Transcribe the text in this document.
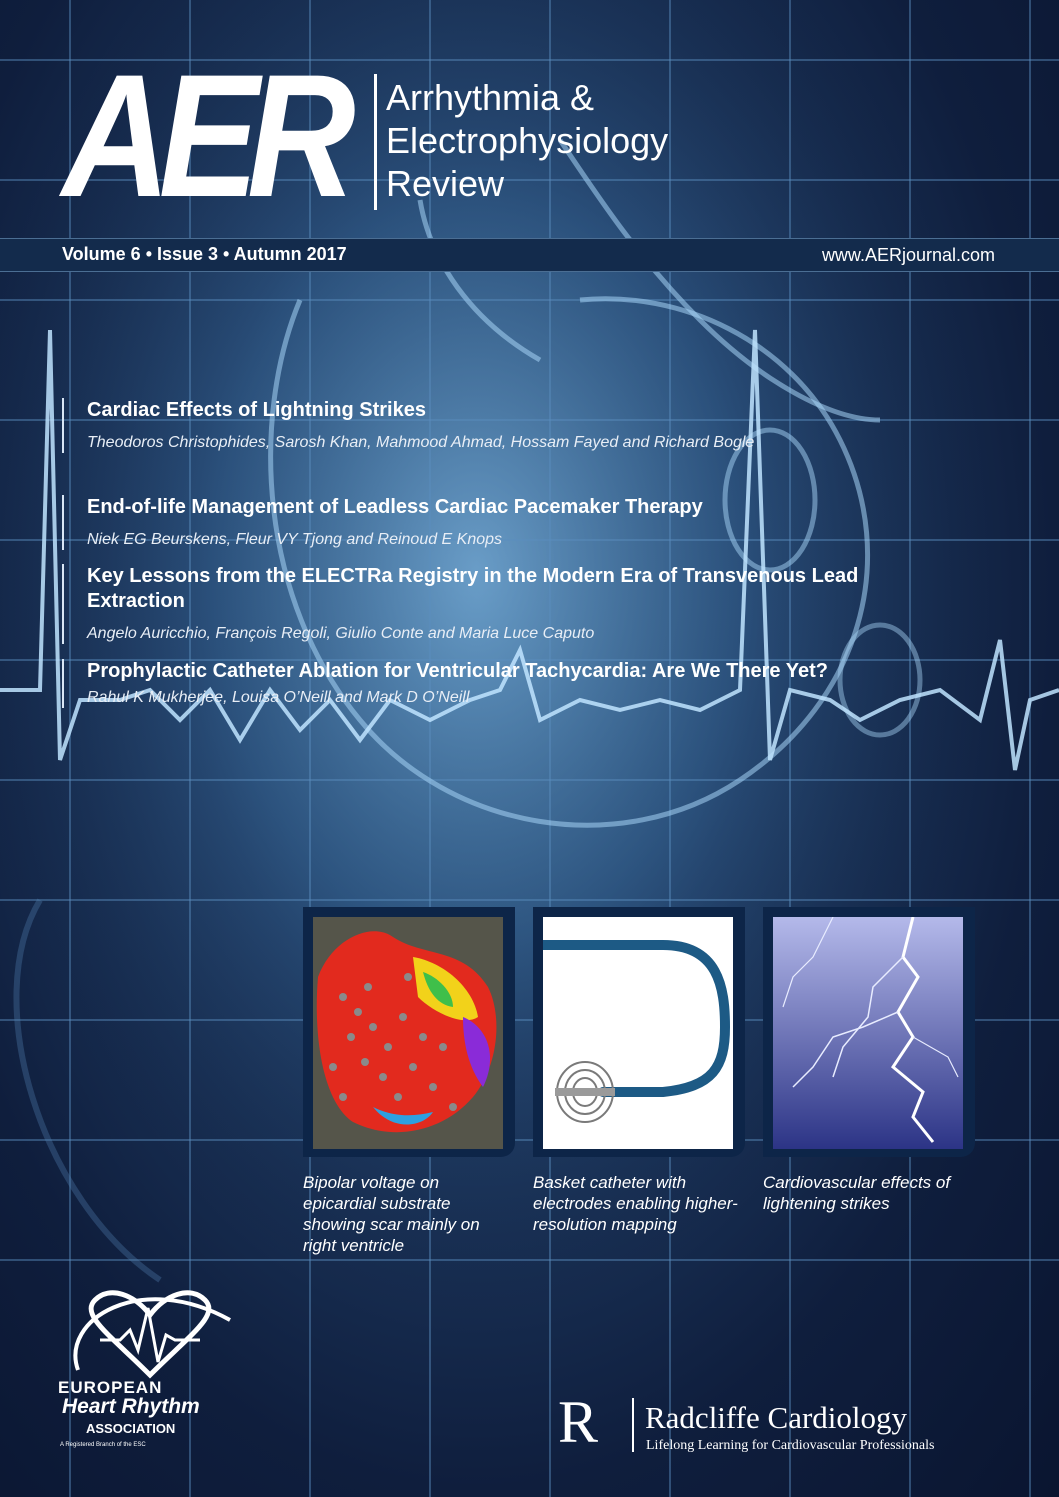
AER Arrhythmia &
Electrophysiology
Review
Volume 6 • Issue 3 • Autumn 2017	www.AERjournal.com
Cardiac Effects of Lightning Strikes
Theodoros Christophides, Sarosh Khan, Mahmood Ahmad, Hossam Fayed and Richard Bogle
End-of-life Management of Leadless Cardiac Pacemaker Therapy
Niek EG Beurskens, Fleur VY Tjong and Reinoud E Knops
Key Lessons from the ELECTRa Registry in the Modern Era of Transvenous Lead Extraction
Angelo Auricchio, François Regoli, Giulio Conte and Maria Luce Caputo
Prophylactic Catheter Ablation for Ventricular Tachycardia: Are We There Yet?
Rahul K Mukherjee, Louisa O’Neill and Mark D O’Neill
Bipolar voltage on epicardial substrate showing scar mainly on right ventricle
Basket catheter with electrodes enabling higher-resolution mapping
Cardiovascular effects of lightening strikes
EUROPEAN
Heart Rhythm
ASSOCIATION
A Registered Branch of the ESC	R Radcliffe Cardiology
Lifelong Learning for Cardiovascular Professionals
